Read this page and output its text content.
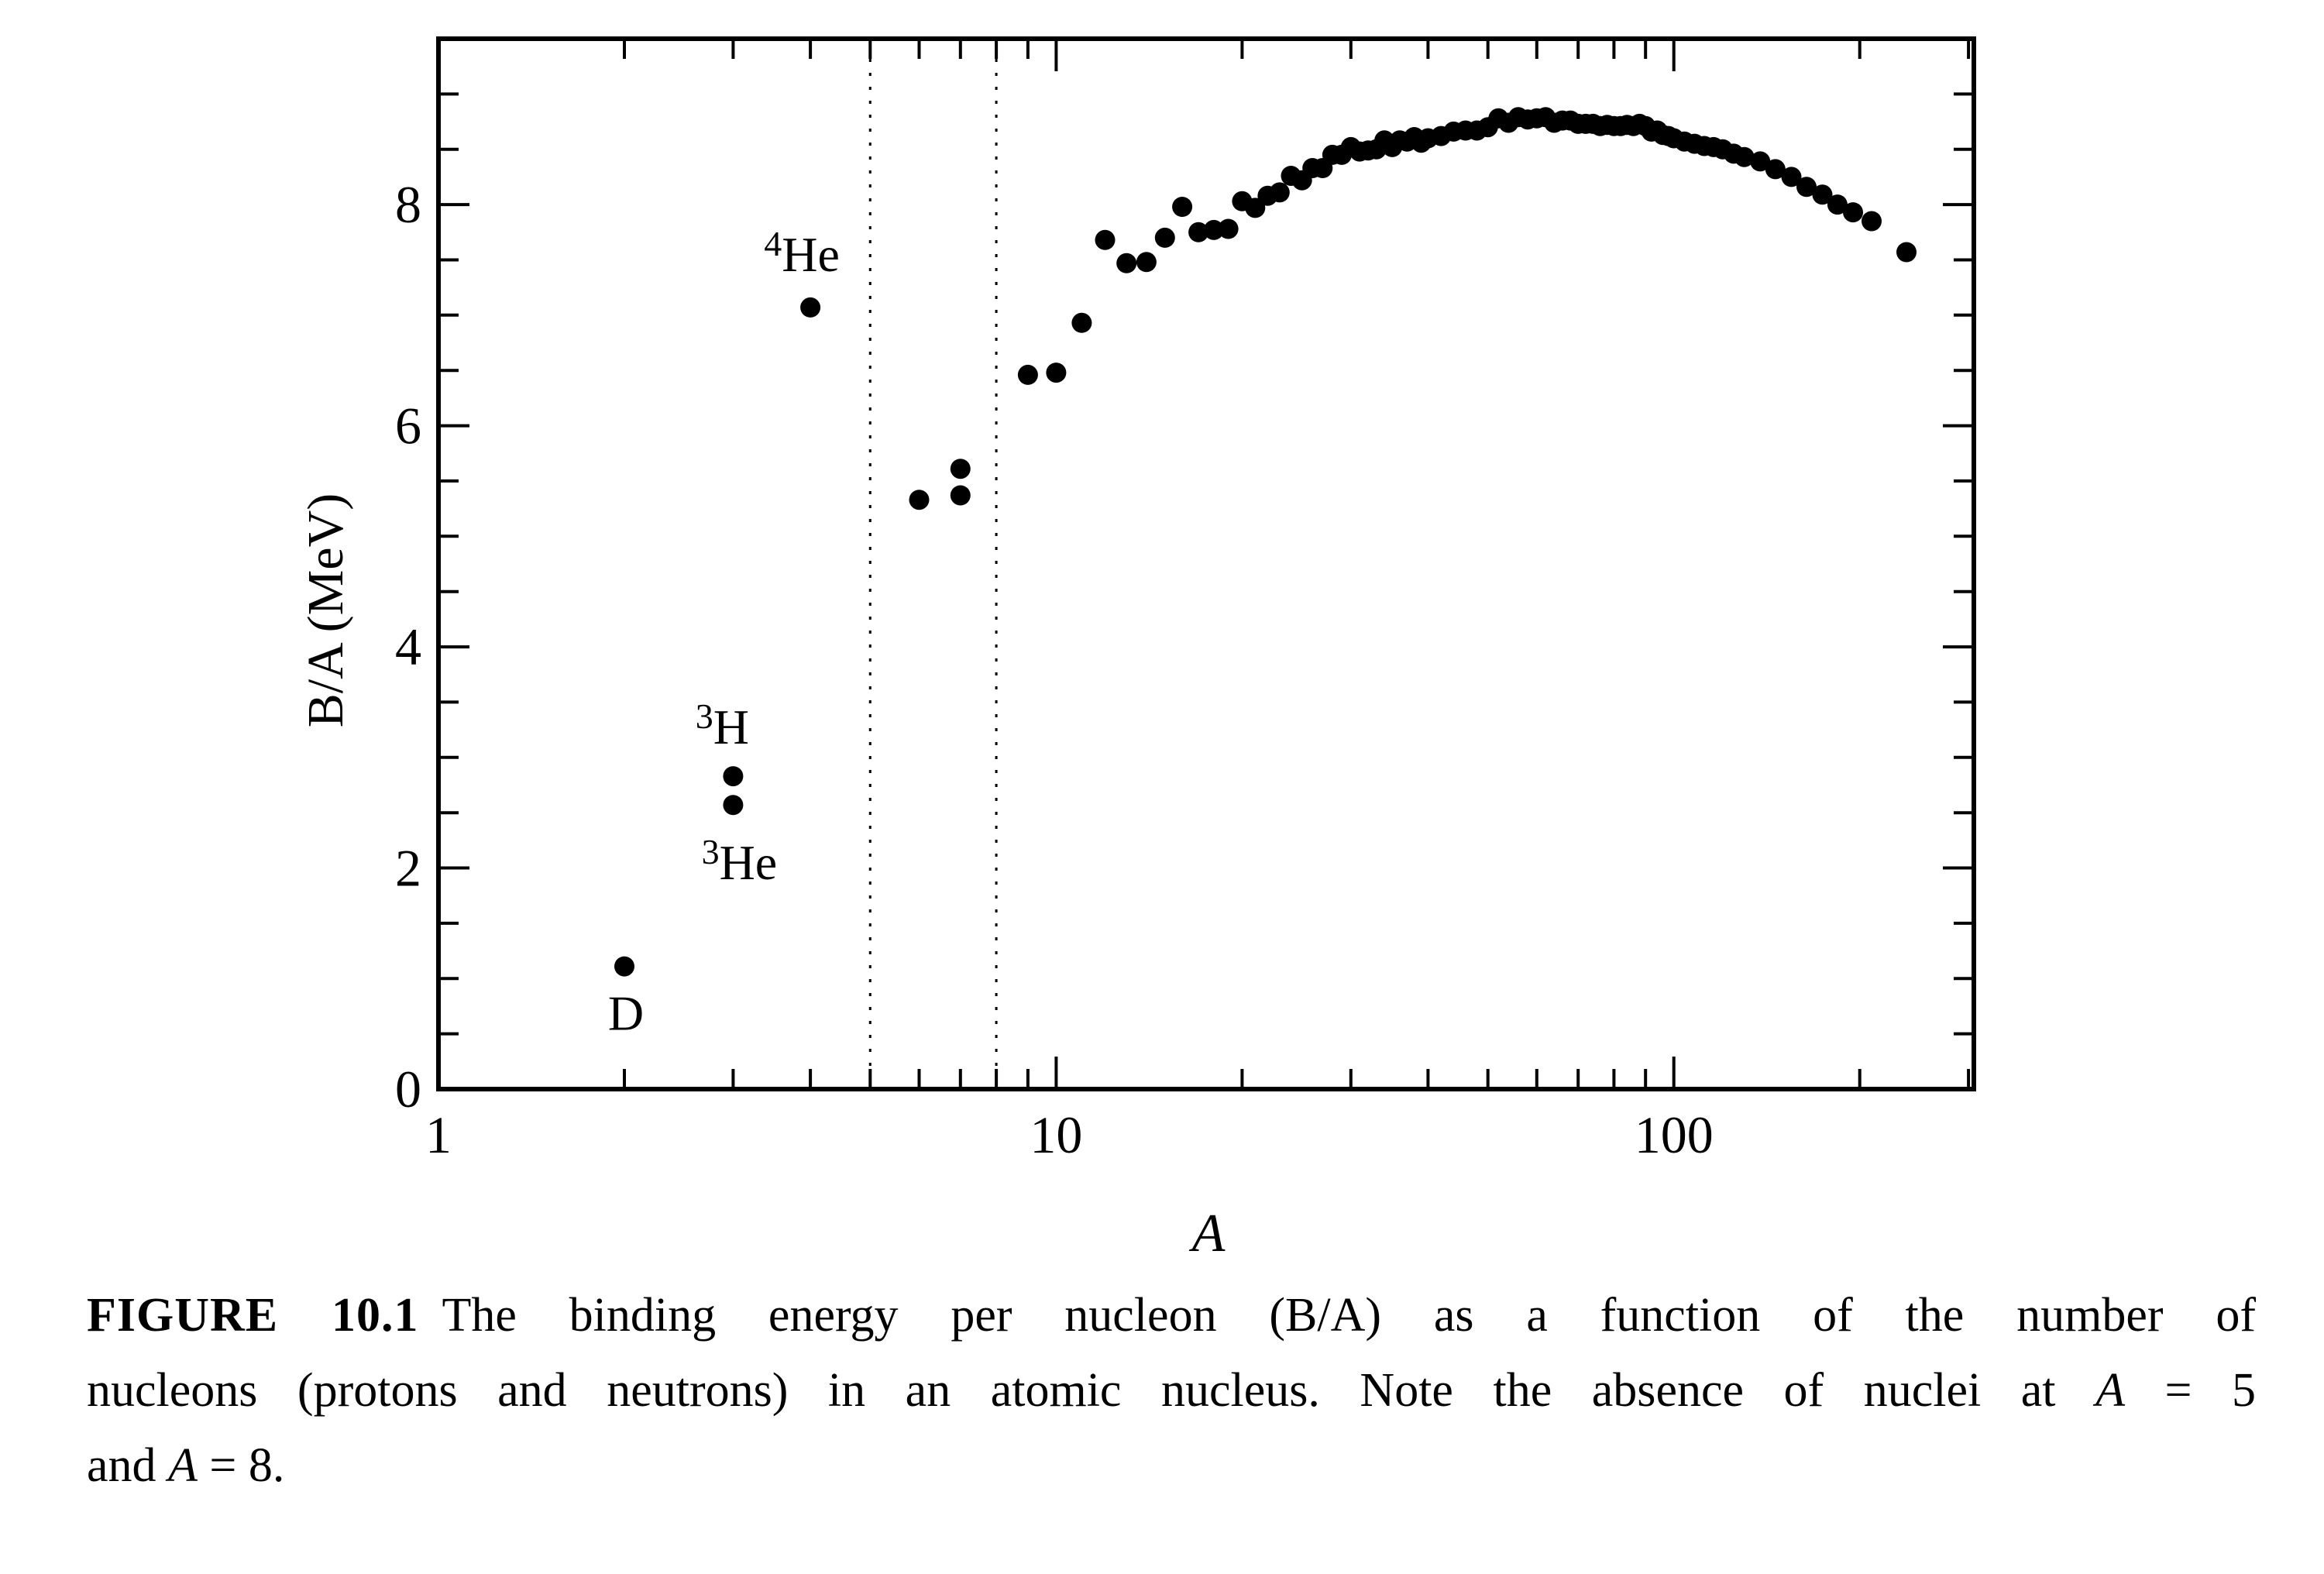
1	10	100
0
2
4
6
8
D
$^3$H
$^3$He
$^4$He
A
B/A (MeV)
FIGURE 10.1 The binding energy per nucleon (B/A) as a function of the number of
nucleons (protons and neutrons) in an atomic nucleus. Note the absence of nuclei at A = 5
and A = 8.
